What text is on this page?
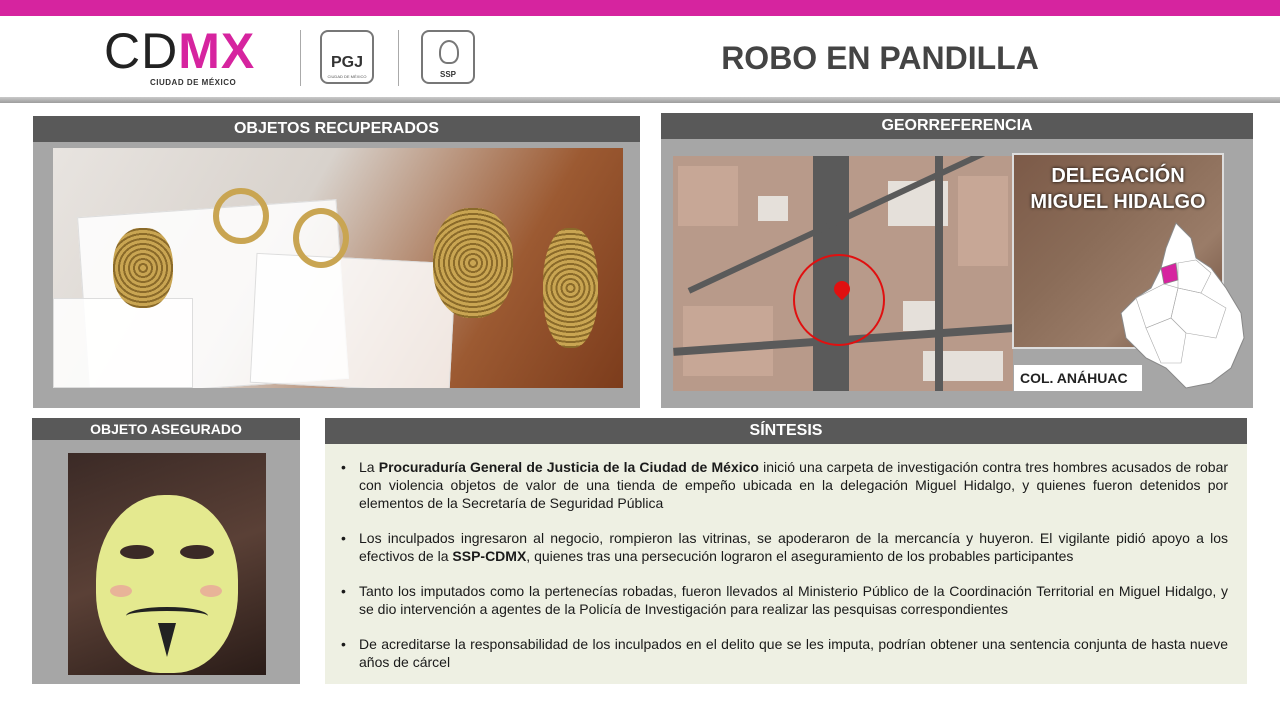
CDMX
CIUDAD DE MÉXICO
PGJ
CIUDAD DE MÉXICO	SSP	ROBO EN PANDILLA
OBJETOS RECUPERADOS	GEORREFERENCIA
DELEGACIÓN
MIGUEL HIDALGO
COL. ANÁHUAC
OBJETO ASEGURADO	SÍNTESIS
• La Procuraduría General de Justicia de la Ciudad de México inició una carpeta de investigación contra tres hombres acusados de robar con violencia objetos de valor de una tienda de empeño ubicada en la delegación Miguel Hidalgo, y quienes fueron detenidos por elementos de la Secretaría de Seguridad Pública
• Los inculpados ingresaron al negocio, rompieron las vitrinas, se apoderaron de la mercancía y huyeron. El vigilante pidió apoyo a los efectivos de la SSP-CDMX, quienes tras una persecución lograron el aseguramiento de los probables participantes
• Tanto los imputados como la pertenecías robadas, fueron llevados al Ministerio Público de la Coordinación Territorial en Miguel Hidalgo, y se dio intervención a agentes de la Policía de Investigación para realizar las pesquisas correspondientes
• De acreditarse la responsabilidad de los inculpados en el delito que se les imputa, podrían obtener una sentencia conjunta de hasta nueve años de cárcel
